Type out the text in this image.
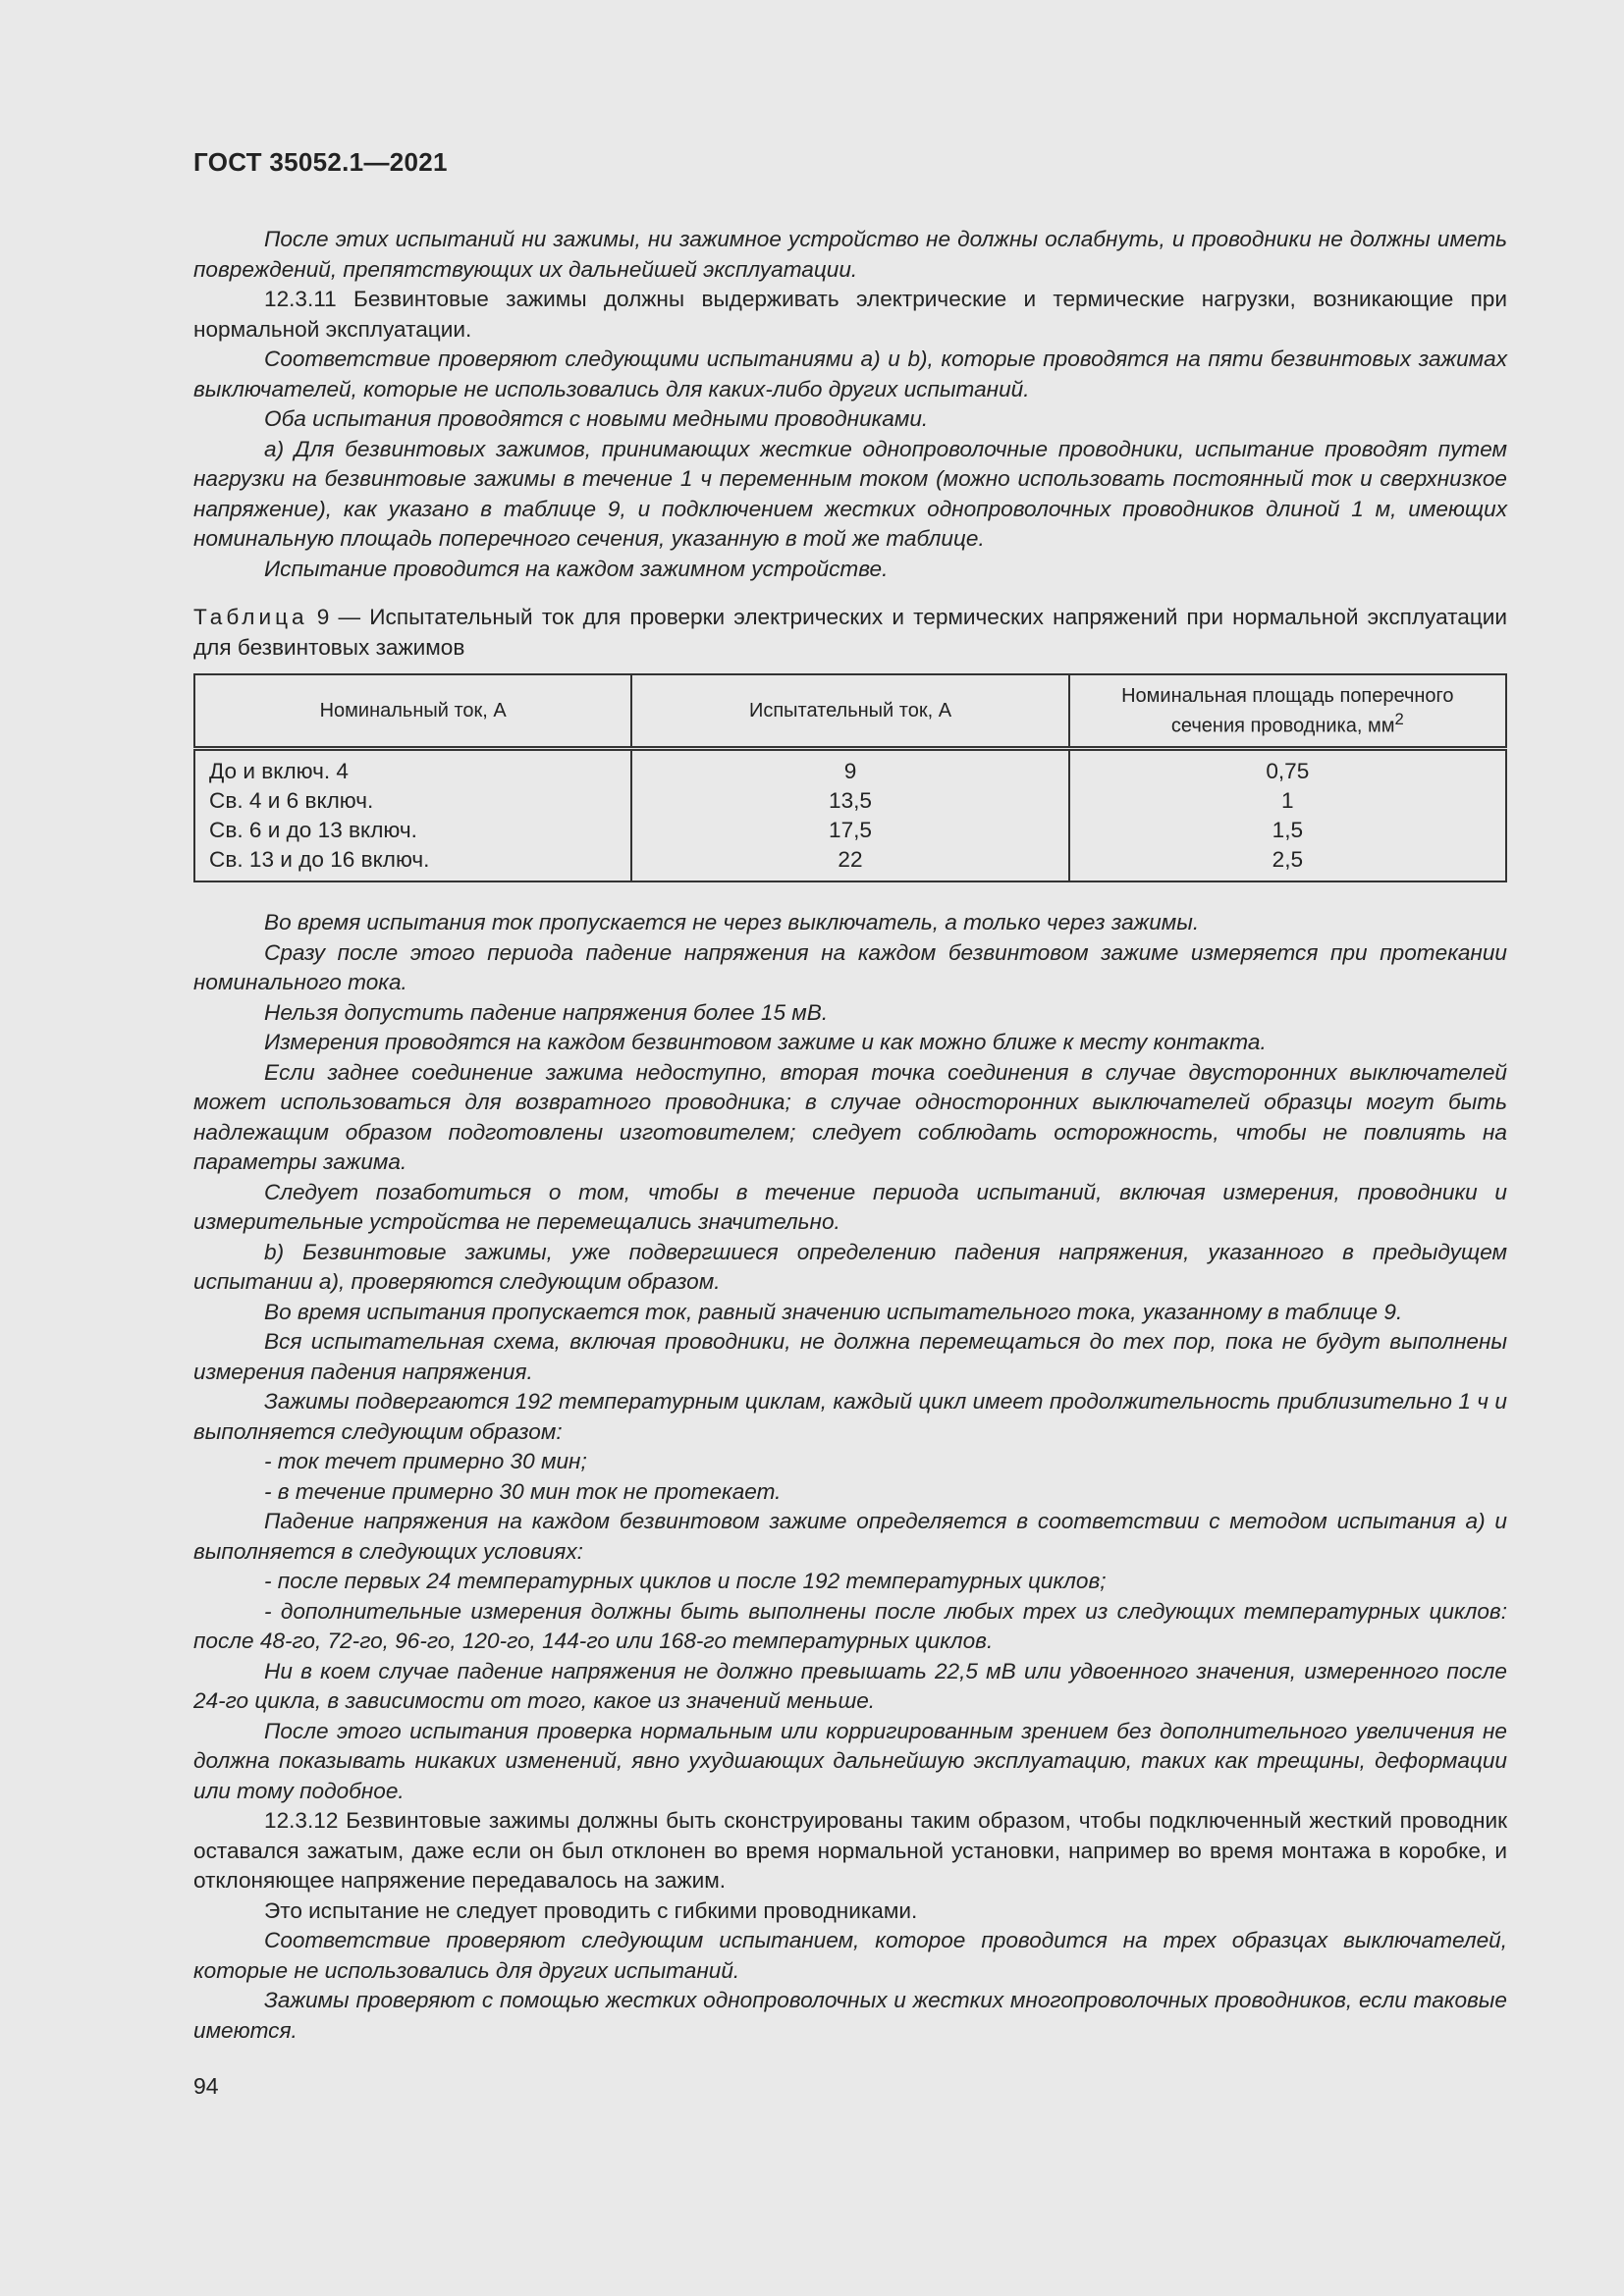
ГОСТ 35052.1—2021

После этих испытаний ни зажимы, ни зажимное устройство не должны ослабнуть, и проводники не должны иметь повреждений, препятствующих их дальнейшей эксплуатации.

12.3.11 Безвинтовые зажимы должны выдерживать электрические и термические нагрузки, возникающие при нормальной эксплуатации.

Соответствие проверяют следующими испытаниями a) и b), которые проводятся на пяти безвинтовых зажимах выключателей, которые не использовались для каких-либо других испытаний.

Оба испытания проводятся с новыми медными проводниками.

а) Для безвинтовых зажимов, принимающих жесткие однопроволочные проводники, испытание проводят путем нагрузки на безвинтовые зажимы в течение 1 ч переменным током (можно использовать постоянный ток и сверхнизкое напряжение), как указано в таблице 9, и подключением жестких однопроволочных проводников длиной 1 м, имеющих номинальную площадь поперечного сечения, указанную в той же таблице.

Испытание проводится на каждом зажимном устройстве.

Таблица 9 — Испытательный ток для проверки электрических и термических напряжений при нормальной эксплуатации для безвинтовых зажимов
Номинальный ток, А	Испытательный ток, А	Номинальная площадь поперечного сечения проводника, $мм^2$
До и включ. 4	9	0,75
Св. 4 и 6 включ.	13,5	1
Св. 6 и до 13 включ.	17,5	1,5
Св. 13 и до 16 включ.	22	2,5

Во время испытания ток пропускается не через выключатель, а только через зажимы.

Сразу после этого периода падение напряжения на каждом безвинтовом зажиме измеряется при протекании номинального тока.

Нельзя допустить падение напряжения более 15 мВ.

Измерения проводятся на каждом безвинтовом зажиме и как можно ближе к месту контакта.

Если заднее соединение зажима недоступно, вторая точка соединения в случае двусторонних выключателей может использоваться для возвратного проводника; в случае односторонних выключателей образцы могут быть надлежащим образом подготовлены изготовителем; следует соблюдать осторожность, чтобы не повлиять на параметры зажима.

Следует позаботиться о том, чтобы в течение периода испытаний, включая измерения, проводники и измерительные устройства не перемещались значительно.

b) Безвинтовые зажимы, уже подвергшиеся определению падения напряжения, указанного в предыдущем испытании a), проверяются следующим образом.

Во время испытания пропускается ток, равный значению испытательного тока, указанному в таблице 9.

Вся испытательная схема, включая проводники, не должна перемещаться до тех пор, пока не будут выполнены измерения падения напряжения.

Зажимы подвергаются 192 температурным циклам, каждый цикл имеет продолжительность приблизительно 1 ч и выполняется следующим образом:

- ток течет примерно 30 мин;

- в течение примерно 30 мин ток не протекает.

Падение напряжения на каждом безвинтовом зажиме определяется в соответствии с методом испытания a) и выполняется в следующих условиях:

- после первых 24 температурных циклов и после 192 температурных циклов;

- дополнительные измерения должны быть выполнены после любых трех из следующих температурных циклов: после 48-го, 72-го, 96-го, 120-го, 144-го или 168-го температурных циклов.

Ни в коем случае падение напряжения не должно превышать 22,5 мВ или удвоенного значения, измеренного после 24-го цикла, в зависимости от того, какое из значений меньше.

После этого испытания проверка нормальным или корригированным зрением без дополнительного увеличения не должна показывать никаких изменений, явно ухудшающих дальнейшую эксплуатацию, таких как трещины, деформации или тому подобное.

12.3.12 Безвинтовые зажимы должны быть сконструированы таким образом, чтобы подключенный жесткий проводник оставался зажатым, даже если он был отклонен во время нормальной установки, например во время монтажа в коробке, и отклоняющее напряжение передавалось на зажим.

Это испытание не следует проводить с гибкими проводниками.

Соответствие проверяют следующим испытанием, которое проводится на трех образцах выключателей, которые не использовались для других испытаний.

Зажимы проверяют с помощью жестких однопроволочных и жестких многопроволочных проводников, если таковые имеются.

94
